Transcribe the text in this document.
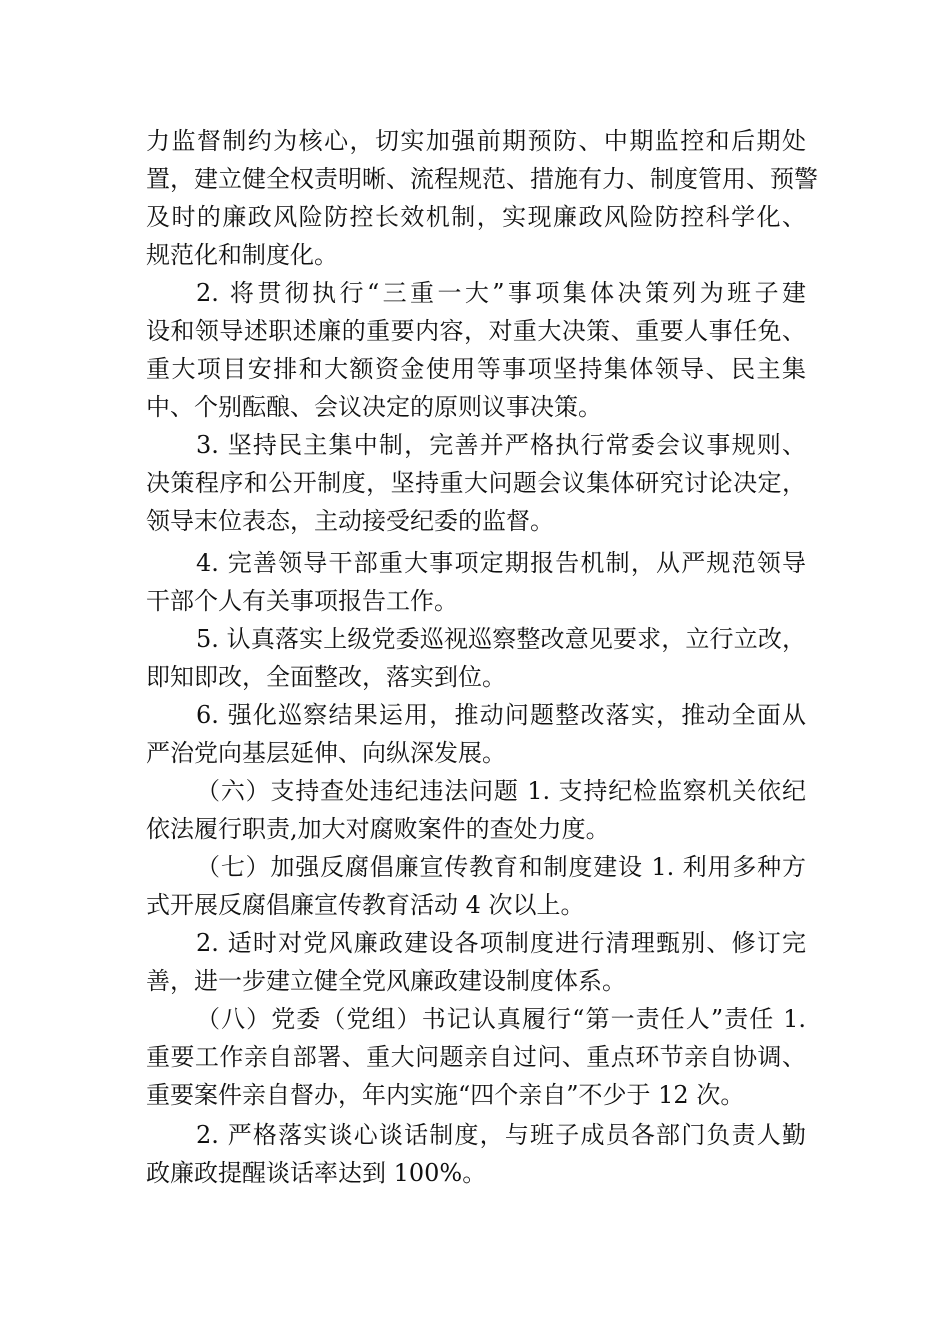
力监督制约为核心，切实加强前期预防、中期监控和后期处
置，建立健全权责明晰、流程规范、措施有力、制度管用、预警
及时的廉政风险防控长效机制，实现廉政风险防控科学化、
规范化和制度化。
2. 将贯彻执行“三重一大”事项集体决策列为班子建
设和领导述职述廉的重要内容，对重大决策、重要人事任免、
重大项目安排和大额资金使用等事项坚持集体领导、民主集
中、个别酝酿、会议决定的原则议事决策。
3. 坚持民主集中制，完善并严格执行常委会议事规则、
决策程序和公开制度，坚持重大问题会议集体研究讨论决定，
领导末位表态，主动接受纪委的监督。
4. 完善领导干部重大事项定期报告机制，从严规范领导
干部个人有关事项报告工作。
5. 认真落实上级党委巡视巡察整改意见要求，立行立改，
即知即改，全面整改，落实到位。
6. 强化巡察结果运用，推动问题整改落实，推动全面从
严治党向基层延伸、向纵深发展。
（六）支持查处违纪违法问题 1. 支持纪检监察机关依纪
依法履行职责,加大对腐败案件的查处力度。
（七）加强反腐倡廉宣传教育和制度建设 1. 利用多种方
式开展反腐倡廉宣传教育活动 4 次以上。
2. 适时对党风廉政建设各项制度进行清理甄别、修订完
善，进一步建立健全党风廉政建设制度体系。
（八）党委（党组）书记认真履行“第一责任人”责任 1.
重要工作亲自部署、重大问题亲自过问、重点环节亲自协调、
重要案件亲自督办，年内实施“四个亲自”不少于 12 次。
2. 严格落实谈心谈话制度，与班子成员各部门负责人勤
政廉政提醒谈话率达到 100%。
